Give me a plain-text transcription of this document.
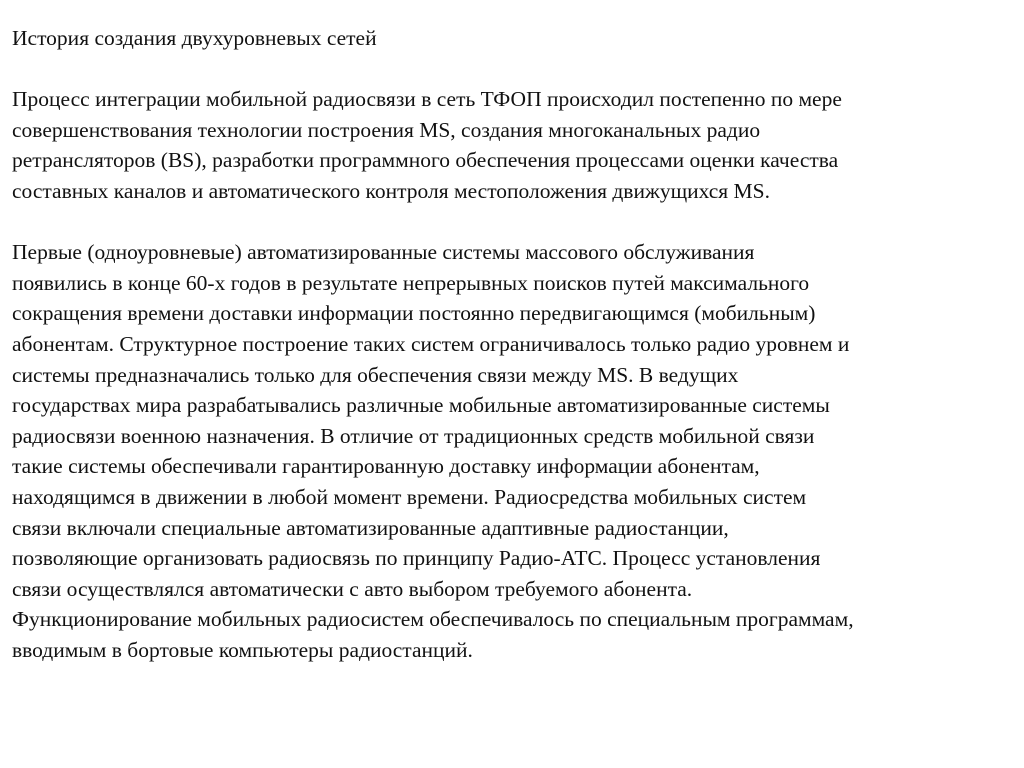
История создания двухуровневых сетей

Процесс интеграции мобильной радиосвязи в сеть ТФОП происходил постепенно по мере
совершенствования технологии построения MS, создания многоканальных радио
ретрансляторов (BS), разработки программного обеспечения процессами оценки качества
составных каналов и автоматического контроля местоположения движущихся MS.

Первые (одноуровневые) автоматизированные системы массового обслуживания
появились в конце 60-х годов в результате непрерывных поисков путей максимального
сокращения времени доставки информации постоянно передвигающимся (мобильным)
абонентам. Структурное построение таких систем ограничивалось только радио уровнем и
системы предназначались только для обеспечения связи между MS. В ведущих
государствах мира разрабатывались различные мобильные автоматизированные системы
радиосвязи военною назначения. В отличие от традиционных средств мобильной связи
такие системы обеспечивали гарантированную доставку информации абонентам,
находящимся в движении в любой момент времени. Радиосредства мобильных систем
связи включали специальные автоматизированные адаптивные радиостанции,
позволяющие организовать радиосвязь по принципу Радио-АТС. Процесс установления
связи осуществлялся автоматически с авто выбором требуемого абонента.
Функционирование мобильных радиосистем обеспечивалось по специальным программам,
вводимым в бортовые компьютеры радиостанций.
